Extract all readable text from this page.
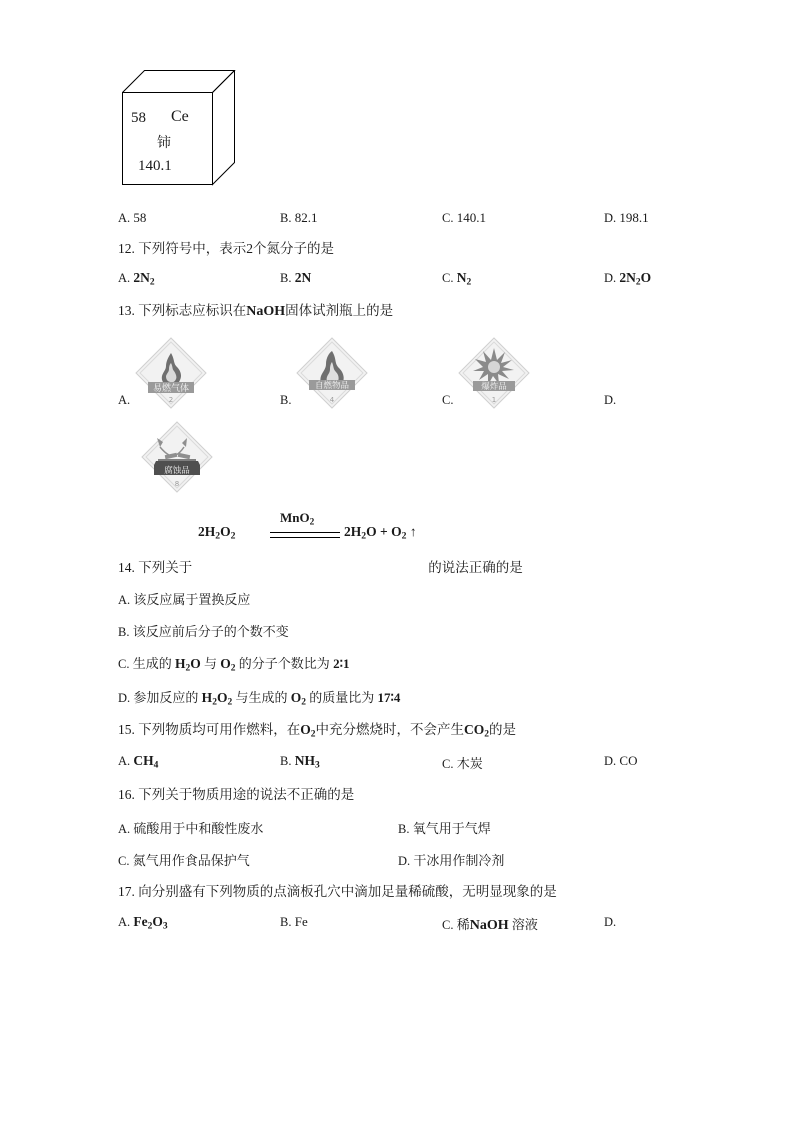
58 Ce
铈
140.1
A. 58	B. 82.1	C. 140.1	D. 198.1
12. 下列符号中，表示2个氮分子的是
A. $2N_2$	B. 2N	C. $N_2$	D. $2N_2O$
13. 下列标志应标识在NaOH固体试剂瓶上的是
A.
易燃气体
2	B.
自燃物品
4	C.
爆炸品
1	D.
腐蚀品
8
MnO$_2$
$2H_2O_2$	$2H_2O + O_2$ ↑
14. 下列关于	的说法正确的是
A. 该反应属于置换反应
B. 该反应前后分子的个数不变
C. 生成的 $H_2O$ 与 $O_2$ 的分子个数比为 2∶1
D. 参加反应的 $H_2O_2$ 与生成的 $O_2$ 的质量比为 17∶4
15. 下列物质均可用作燃料，在$O_2$中充分燃烧时，不会产生$CO_2$的是
A. $CH_4$	B. $NH_3$	C. 木炭	D. CO
16. 下列关于物质用途的说法不正确的是
A. 硫酸用于中和酸性废水	B. 氧气用于气焊
C. 氮气用作食品保护气	D. 干冰用作制冷剂
17. 向分别盛有下列物质的点滴板孔穴中滴加足量稀硫酸，无明显现象的是
A. $Fe_2O_3$	B. Fe	C. 稀NaOH 溶液	D.
